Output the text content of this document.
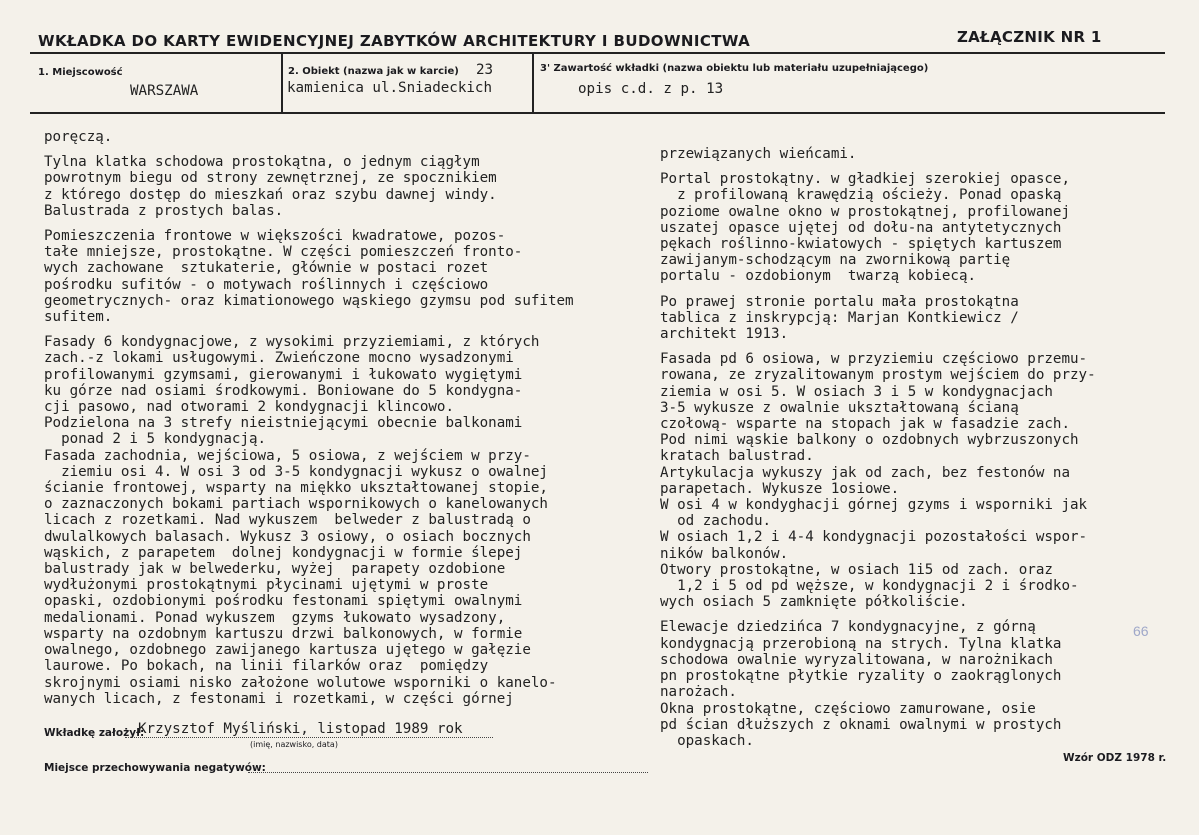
WKŁADKA DO KARTY EWIDENCYJNEJ ZABYTKÓW ARCHITEKTURY I BUDOWNICTWA	ZAŁĄCZNIK NR 1
1. Miejscowość
WARSZAWA
2. Obiekt (nazwa jak w karcie) 23
kamienica ul.Sniadeckich
3' Zawartość wkładki (nazwa obiektu lub materiału uzupełniającego)
opis c.d. z p. 13

poręczą.

Tylna klatka schodowa prostokątna, o jednym ciągłym

powrotnym biegu od strony zewnętrznej, ze spocznikiem

z którego dostęp do mieszkań oraz szybu dawnej windy.

Balustrada z prostych balas.

Pomieszczenia frontowe w większości kwadratowe, pozos-

tałe mniejsze, prostokątne. W części pomieszczeń fronto-

wych zachowane  sztukaterie, głównie w postaci rozet

pośrodku sufitów - o motywach roślinnych i częściowo

geometrycznych- oraz kimationowego wąskiego gzymsu pod sufitem

sufitem.

Fasady 6 kondygnacjowe, z wysokimi przyziemiami, z których

zach.-z lokami usługowymi. Zwieńczone mocno wysadzonymi

profilowanymi gzymsami, gierowanymi i łukowato wygiętymi

ku górze nad osiami środkowymi. Boniowane do 5 kondygna-

cji pasowo, nad otworami 2 kondygnacji klincowo.

Podzielona na 3 strefy nieistniejącymi obecnie balkonami

ponad 2 i 5 kondygnacją.

Fasada zachodnia, wejściowa, 5 osiowa, z wejściem w przy-

ziemiu osi 4. W osi 3 od 3-5 kondygnacji wykusz o owalnej

ścianie frontowej, wsparty na miękko ukształtowanej stopie,

o zaznaczonych bokami partiach wspornikowych o kanelowanych

licach z rozetkami. Nad wykuszem  belweder z balustradą o

dwulalkowych balasach. Wykusz 3 osiowy, o osiach bocznych

wąskich, z parapetem  dolnej kondygnacji w formie ślepej

balustrady jak w belwederku, wyżej  parapety ozdobione

wydłużonymi prostokątnymi płycinami ujętymi w proste

opaski, ozdobionymi pośrodku festonami spiętymi owalnymi

medalionami. Ponad wykuszem  gzyms łukowato wysadzony,

wsparty na ozdobnym kartuszu drzwi balkonowych, w formie

owalnego, ozdobnego zawijanego kartusza ujętego w gałęzie

laurowe. Po bokach, na linii filarków oraz  pomiędzy

skrojnymi osiami nisko założone wolutowe wsporniki o kanelo-

wanych licach, z festonami i rozetkami, w części górnej

przewiązanych wieńcami.

Portal prostokątny. w gładkiej szerokiej opasce,

z profilowaną krawędzią ościeży. Ponad opaską

poziome owalne okno w prostokątnej, profilowanej

uszatej opasce ujętej od dołu-na antytetycznych

pękach roślinno-kwiatowych - spiętych kartuszem

zawijanym-schodzącym na zwornikową partię

portalu - ozdobionym  twarzą kobiecą.

Po prawej stronie portalu mała prostokątna

tablica z inskrypcją: Marjan Kontkiewicz /

architekt 1913.

Fasada pd 6 osiowa, w przyziemiu częściowo przemu-

rowana, ze zryzalitowanym prostym wejściem do przy-

ziemia w osi 5. W osiach 3 i 5 w kondygnacjach

3-5 wykusze z owalnie ukształtowaną ścianą

czołową- wsparte na stopach jak w fasadzie zach.

Pod nimi wąskie balkony o ozdobnych wybrzuszonych

kratach balustrad.

Artykulacja wykuszy jak od zach, bez festonów na

parapetach. Wykusze 1osiowe.

W osi 4 w kondyghacji górnej gzyms i wsporniki jak

od zachodu.

W osiach 1,2 i 4-4 kondygnacji pozostałości wspor-

ników balkonów.

Otwory prostokątne, w osiach 1i5 od zach. oraz

1,2 i 5 od pd węższe, w kondygnacji 2 i środko-

wych osiach 5 zamknięte półkoliście.

Elewacje dziedzińca 7 kondygnacyjne, z górną

kondygnacją przerobioną na strych. Tylna klatka

schodowa owalnie wyryzalitowana, w narożnikach

pn prostokątne płytkie ryzality o zaokrąglonych

narożach.

Okna prostokątne, częściowo zamurowane, osie

pd ścian dłuższych z oknami owalnymi w prostych

opaskach.

66
Wkładkę założył:
Krzysztof Myśliński, listopad 1989 rok
(imię, nazwisko, data)
Miejsce przechowywania negatywów:
Wzór ODZ 1978 r.
